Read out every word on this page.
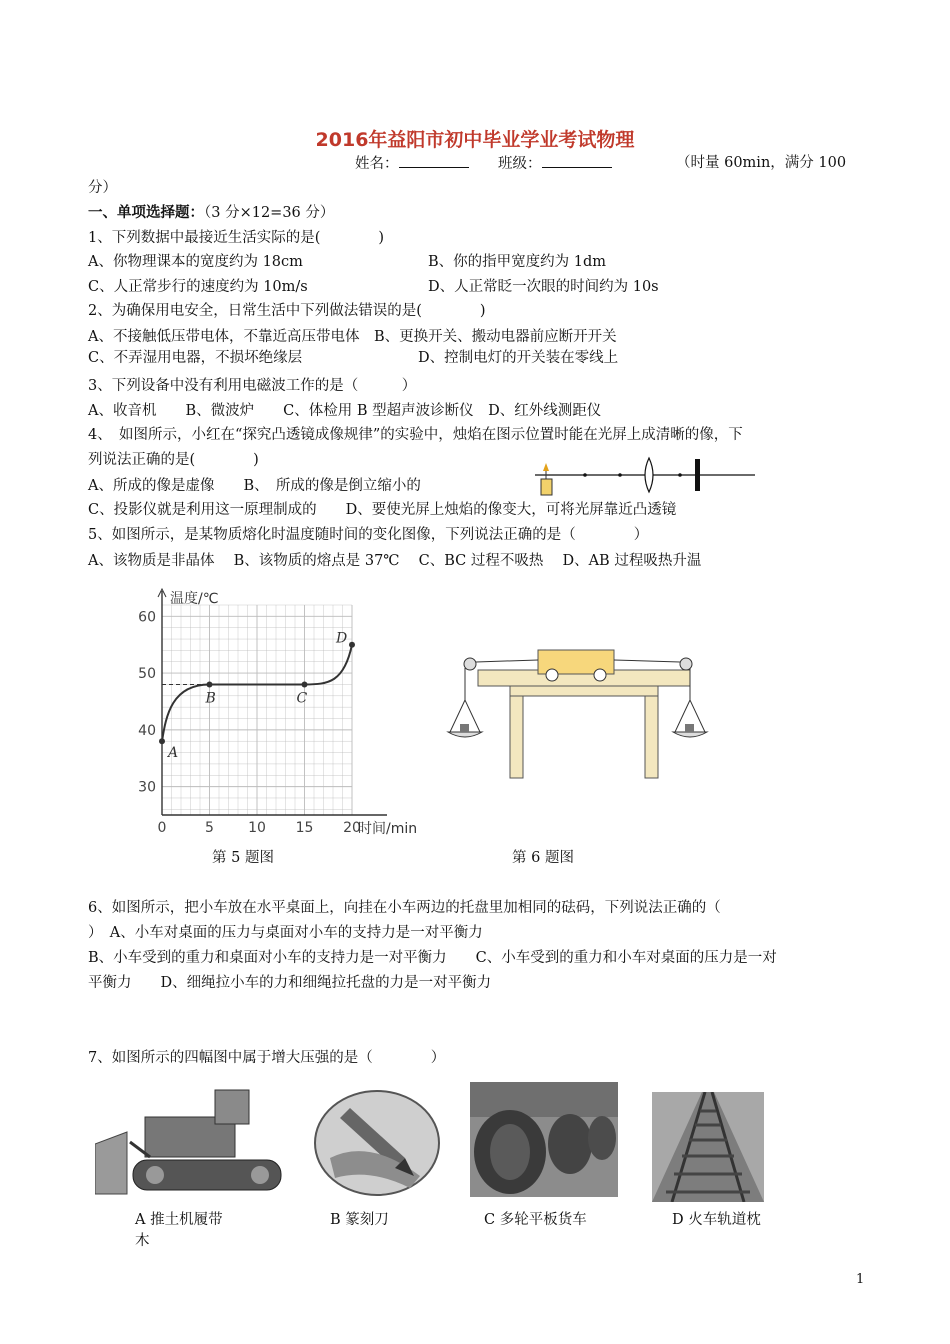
2016年益阳市初中毕业学业考试物理
姓名：	班级：	（时量 60min，满分 100
分）
一、单项选择题：（3 分×12=36 分）
1、下列数据中最接近生活实际的是(　　　　)
A、你物理课本的宽度约为 18cm	B、你的指甲宽度约为 1dm
C、人正常步行的速度约为 10m/s	D、人正常眨一次眼的时间约为 10s
2、为确保用电安全，日常生活中下列做法错误的是(　　　　)
A、不接触低压带电体，不靠近高压带电体　B、更换开关、搬动电器前应断开开关
C、不弄湿用电器，不损坏绝缘层	D、控制电灯的开关装在零线上
3、下列设备中没有利用电磁波工作的是（　　　）
A、收音机　　B、微波炉　　C、体检用 B 型超声波诊断仪　D、红外线测距仪
4、　如图所示，小红在“探究凸透镜成像规律”的实验中，烛焰在图示位置时能在光屏上成清晰的像，下
列说法正确的是(　　　　)
A、所成的像是虚像　　B、　所成的像是倒立缩小的
C、投影仪就是利用这一原理制成的　　D、要使光屏上烛焰的像变大，可将光屏靠近凸透镜
5、如图所示，是某物质熔化时温度随时间的变化图像，下列说法正确的是（　　　　）
A、该物质是非晶体　 B、该物质的熔点是 37℃　 C、BC 过程不吸热　 D、AB 过程吸热升温
0	5 10 15 20
30
40
50
60
A
B	C
D
温度/℃
时间/min
第 5 题图	第 6 题图
6、如图所示，把小车放在水平桌面上，向挂在小车两边的托盘里加相同的砝码，下列说法正确的（
）　A、小车对桌面的压力与桌面对小车的支持力是一对平衡力
B、小车受到的重力和桌面对小车的支持力是一对平衡力　　C、小车受到的重力和小车对桌面的压力是一对
平衡力　　D、细绳拉小车的力和细绳拉托盘的力是一对平衡力
7、如图所示的四幅图中属于增大压强的是（　　　　）
A 推土机履带
木
B 篆刻刀	C 多轮平板货车	D 火车轨道枕
1
